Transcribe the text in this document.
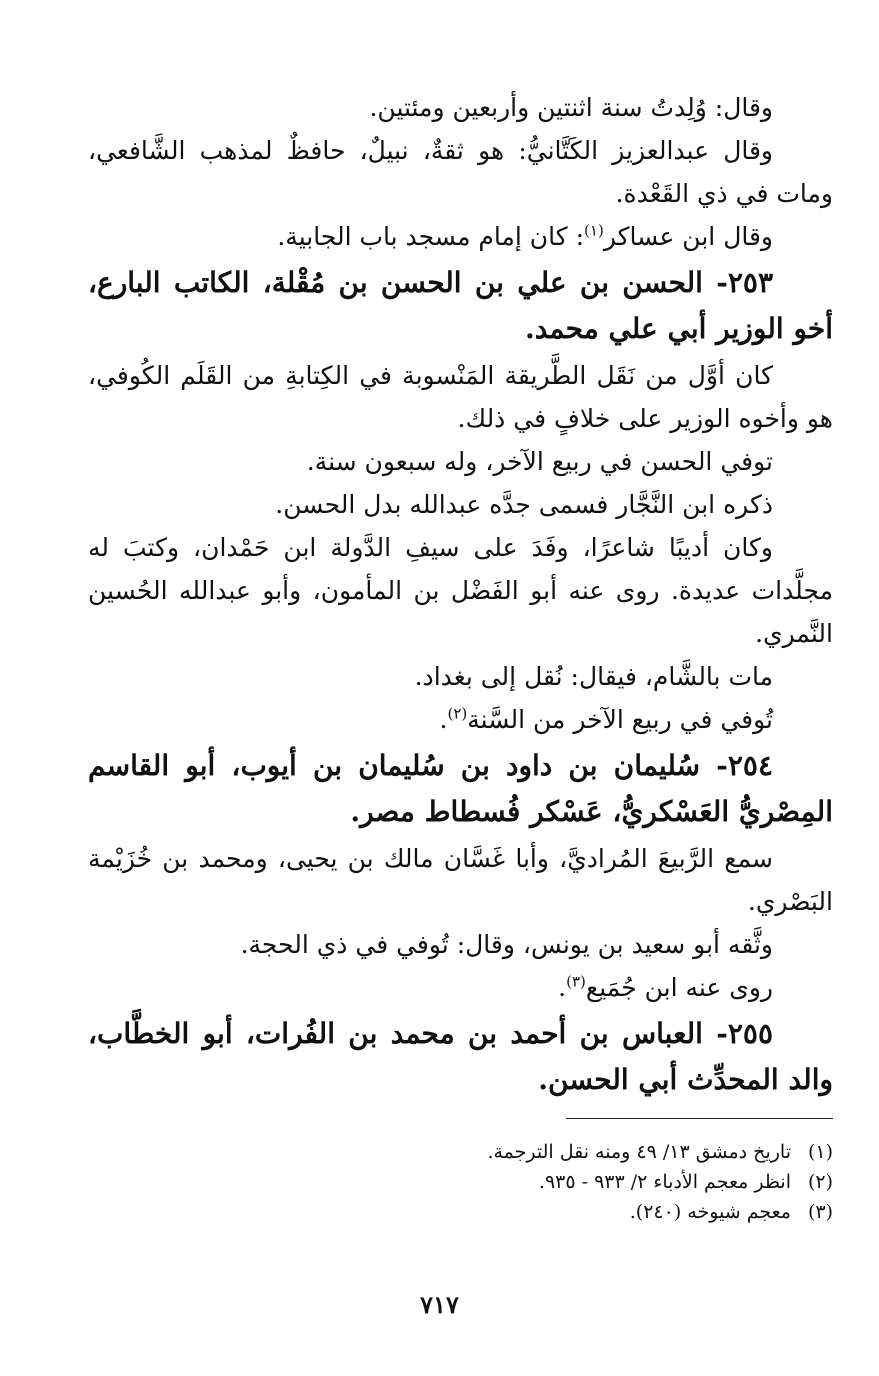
وقال: وُلِدتُ سنة اثنتين وأربعين ومئتين.
وقال عبدالعزيز الكَتَّانيُّ: هو ثقةٌ، نبيلٌ، حافظٌ لمذهب الشَّافعي، ومات في ذي القَعْدة.
وقال ابن عساكر$^{(١)}$: كان إمام مسجد باب الجابية.
٢٥٣- الحسن بن علي بن الحسن بن مُقْلة، الكاتب البارع، أخو الوزير أبي علي محمد.
كان أوَّل من نَقَل الطَّريقة المَنْسوبة في الكِتابةِ من القَلَم الكُوفي، هو وأخوه الوزير على خلافٍ في ذلك.
توفي الحسن في ربيع الآخر، وله سبعون سنة.
ذكره ابن النَّجَّار فسمى جدَّه عبدالله بدل الحسن.
وكان أديبًا شاعرًا، وفَدَ على سيفِ الدَّولة ابن حَمْدان، وكتبَ له مجلَّدات عديدة. روى عنه أبو الفَضْل بن المأمون، وأبو عبدالله الحُسين النَّمري.
مات بالشَّام، فيقال: نُقل إلى بغداد.
تُوفي في ربيع الآخر من السَّنة$^{(٢)}$.
٢٥٤- سُليمان بن داود بن سُليمان بن أيوب، أبو القاسم المِصْريُّ العَسْكريُّ، عَسْكر فُسطاط مصر.
سمع الرَّبيعَ المُراديَّ، وأبا غَسَّان مالك بن يحيى، ومحمد بن خُزَيْمة البَصْري.
وثَّقه أبو سعيد بن يونس، وقال: تُوفي في ذي الحجة.
روى عنه ابن جُمَيع$^{(٣)}$.
٢٥٥- العباس بن أحمد بن محمد بن الفُرات، أبو الخطَّاب، والد المحدِّث أبي الحسن.
(١)تاريخ دمشق ١٣/ ٤٩ ومنه نقل الترجمة.
(٢)انظر معجم الأدباء ٢/ ٩٣٣ - ٩٣٥.
(٣)معجم شيوخه (٢٤٠).
٧١٧
